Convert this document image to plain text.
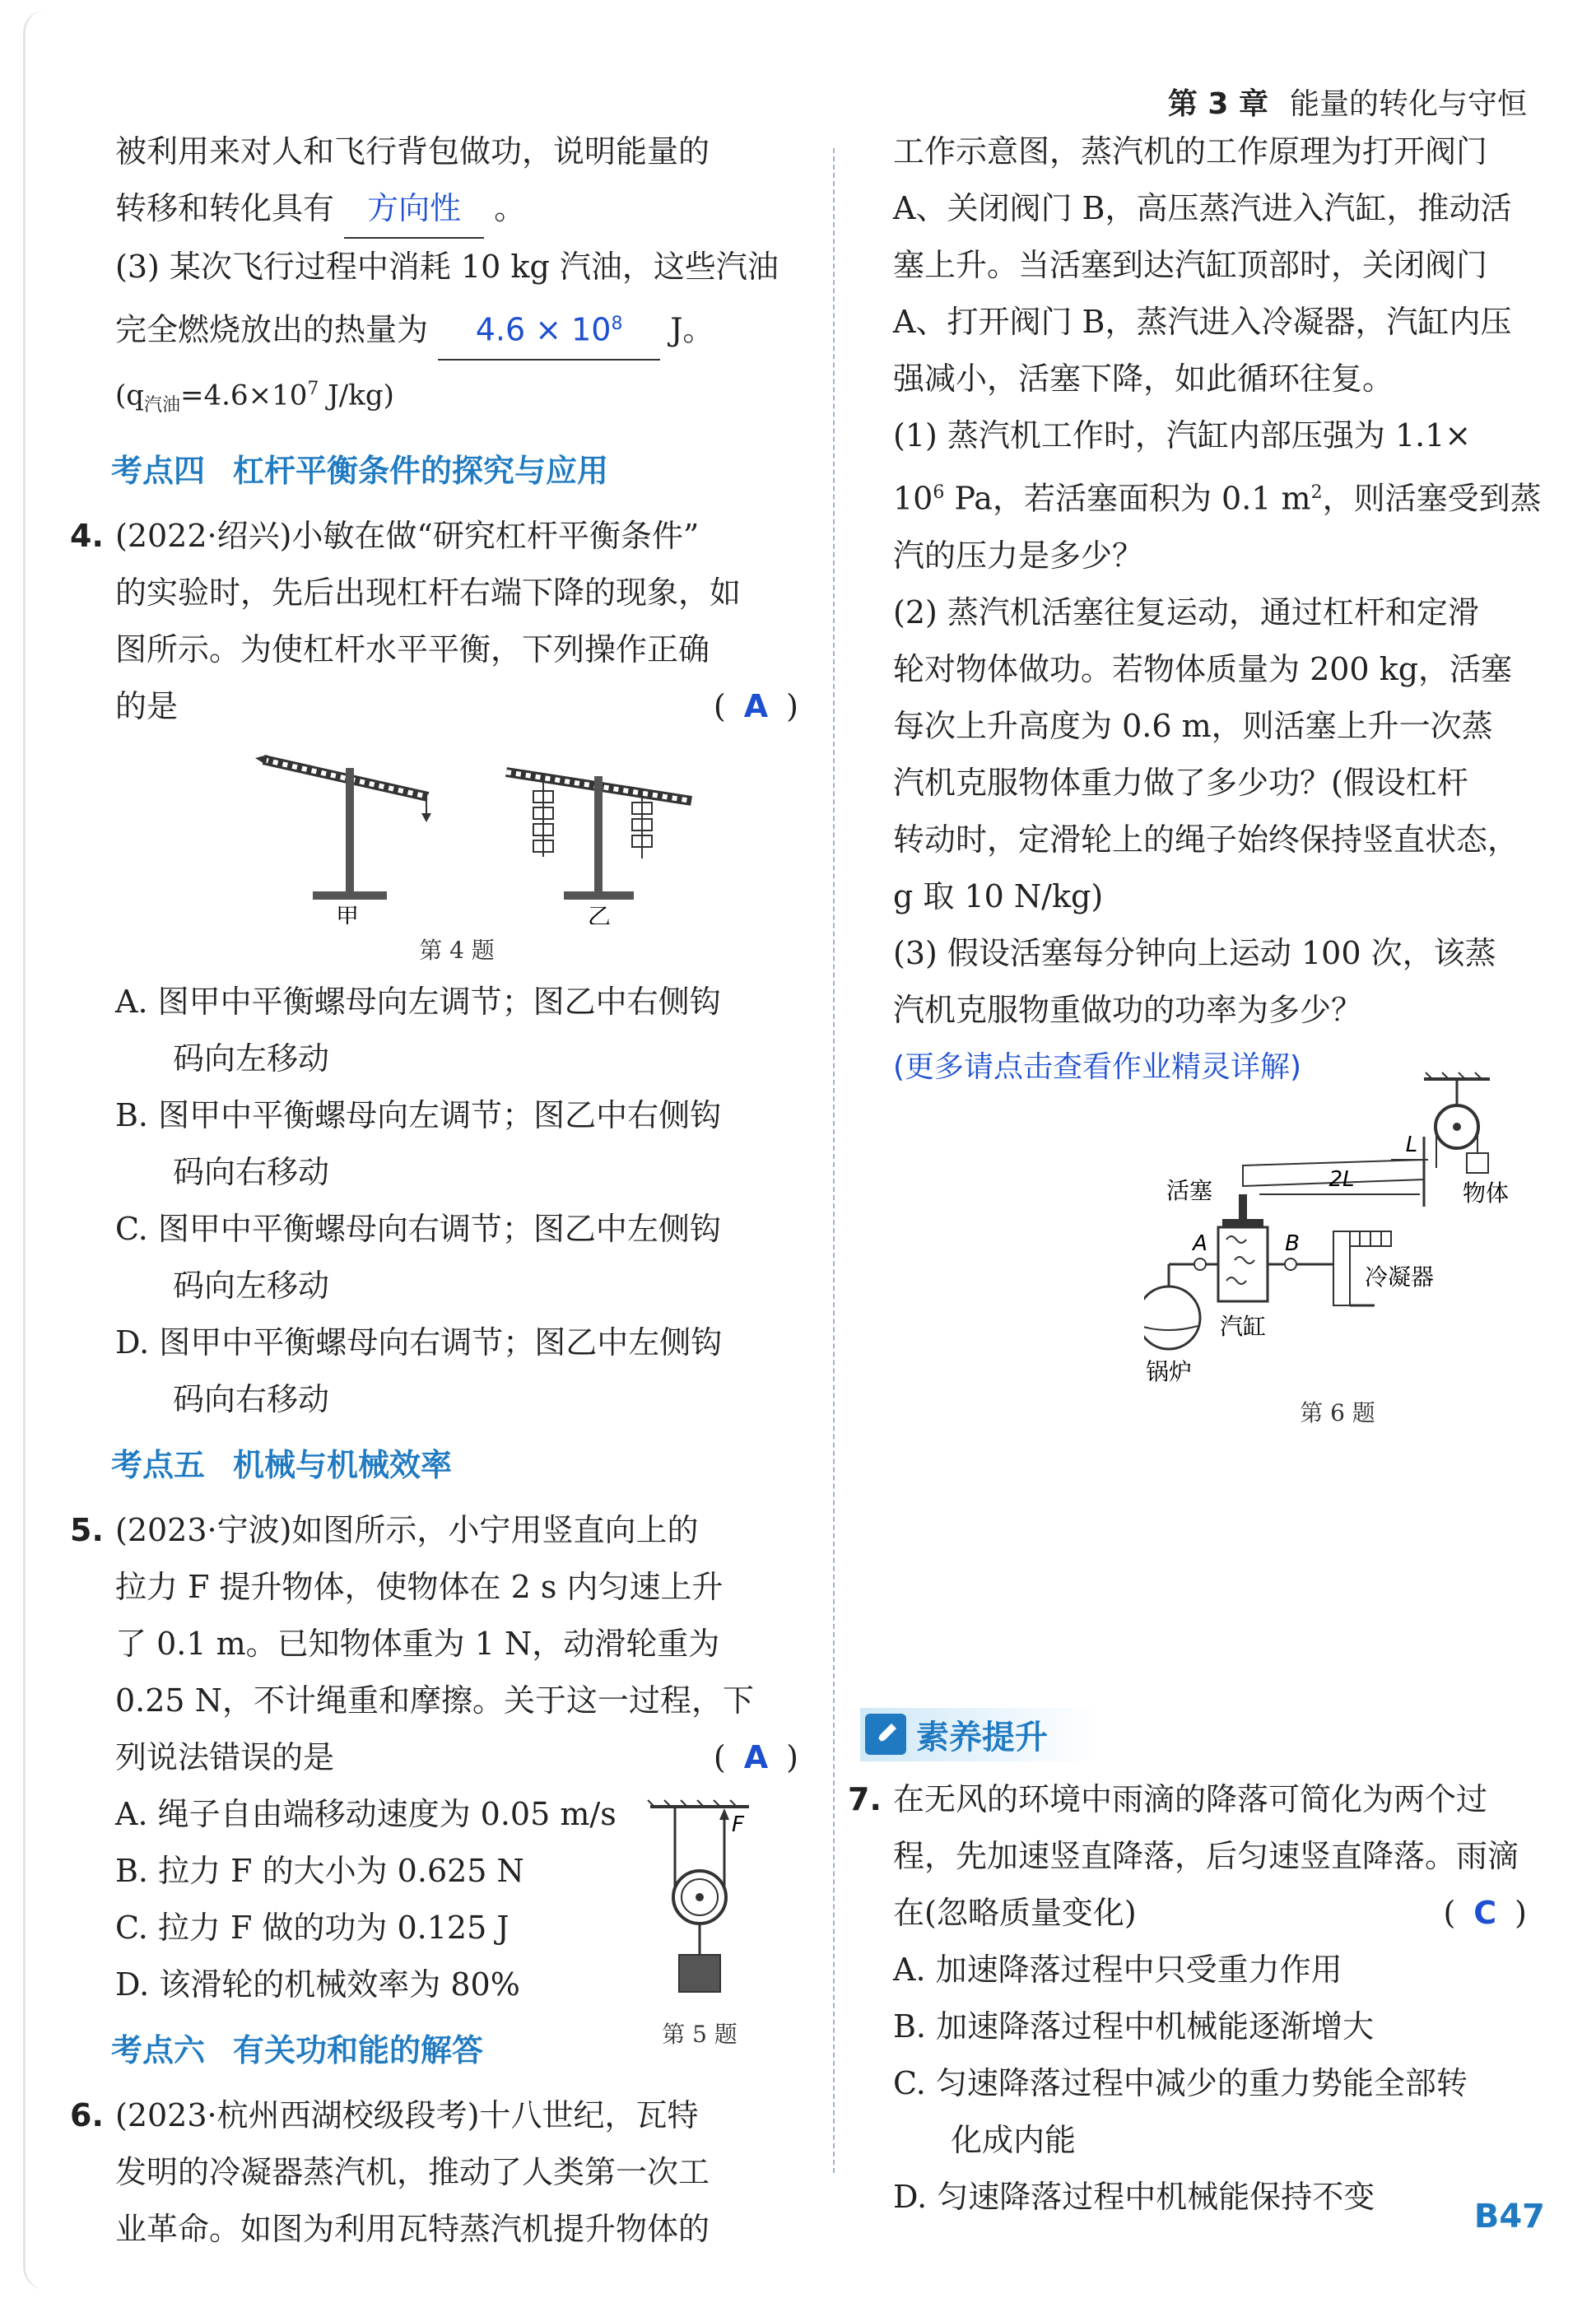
第 3 章 能量的转化与守恒
被利用来对人和飞行背包做功，说明能量的
转移和转化具有 方向性 。
(3) 某次飞行过程中消耗 10 kg 汽油，这些汽油
完全燃烧放出的热量为 $4.6 \times 10^8$ J。
($q_{汽油}=4.6\times 10^7$ J/kg)
考点四 杠杆平衡条件的探究与应用
4. (2022·绍兴)小敏在做“研究杠杆平衡条件”
的实验时，先后出现杠杆右端下降的现象，如
图所示。为使杠杆水平平衡，下列操作正确
的是	( A )
甲	乙
第 4 题
A. 图甲中平衡螺母向左调节；图乙中右侧钩
码向左移动
B. 图甲中平衡螺母向左调节；图乙中右侧钩
码向右移动
C. 图甲中平衡螺母向右调节；图乙中左侧钩
码向左移动
D. 图甲中平衡螺母向右调节；图乙中左侧钩
码向右移动
考点五 机械与机械效率
5. (2023·宁波)如图所示，小宁用竖直向上的
拉力 F 提升物体，使物体在 2 s 内匀速上升
了 0.1 m。已知物体重为 1 N，动滑轮重为
0.25 N，不计绳重和摩擦。关于这一过程，下
列说法错误的是	( A )
A. 绳子自由端移动速度为 0.05 m/s
B. 拉力 F 的大小为 0.625 N
C. 拉力 F 做的功为 0.125 J
D. 该滑轮的机械效率为 80%
F
第 5 题
考点六 有关功和能的解答
6. (2023·杭州西湖校级段考)十八世纪，瓦特
发明的冷凝器蒸汽机，推动了人类第一次工
业革命。如图为利用瓦特蒸汽机提升物体的
工作示意图，蒸汽机的工作原理为打开阀门
A、关闭阀门 B，高压蒸汽进入汽缸，推动活
塞上升。当活塞到达汽缸顶部时，关闭阀门
A、打开阀门 B，蒸汽进入冷凝器，汽缸内压
强减小，活塞下降，如此循环往复。
(1) 蒸汽机工作时，汽缸内部压强为 1.1×
$10^6$ Pa，若活塞面积为 0.1 $m^2$，则活塞受到蒸
汽的压力是多少？
(2) 蒸汽机活塞往复运动，通过杠杆和定滑
轮对物体做功。若物体质量为 200 kg，活塞
每次上升高度为 0.6 m，则活塞上升一次蒸
汽机克服物体重力做了多少功？(假设杠杆
转动时，定滑轮上的绳子始终保持竖直状态，
g 取 10 N/kg)
(3) 假设活塞每分钟向上运动 100 次，该蒸
汽机克服物重做功的功率为多少？
(更多请点击查看作业精灵详解)
物体
L
2L
活塞
汽缸
A
锅炉
B
冷凝器
第 6 题
素养提升
7. 在无风的环境中雨滴的降落可简化为两个过
程，先加速竖直降落，后匀速竖直降落。雨滴
在(忽略质量变化)	( C )
A. 加速降落过程中只受重力作用
B. 加速降落过程中机械能逐渐增大
C. 匀速降落过程中减少的重力势能全部转
化成内能
D. 匀速降落过程中机械能保持不变
B47
